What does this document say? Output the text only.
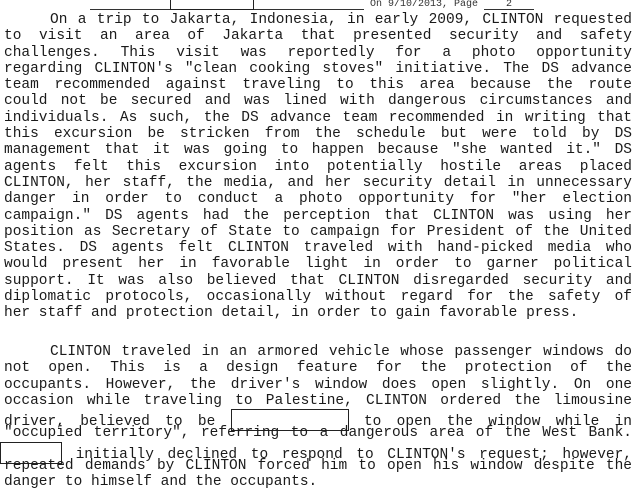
On 9/10/2013, Page	2
On a trip to Jakarta, Indonesia, in early 2009, CLINTON requested
to visit an area of Jakarta that presented security and safety
challenges. This visit was reportedly for a photo opportunity
regarding CLINTON's "clean cooking stoves" initiative. The DS advance
team recommended against traveling to this area because the route
could not be secured and was lined with dangerous circumstances and
individuals. As such, the DS advance team recommended in writing that
this excursion be stricken from the schedule but were told by DS
management that it was going to happen because "she wanted it." DS
agents felt this excursion into potentially hostile areas placed
CLINTON, her staff, the media, and her security detail in unnecessary
danger in order to conduct a photo opportunity for "her election
campaign." DS agents had the perception that CLINTON was using her
position as Secretary of State to campaign for President of the United
States. DS agents felt CLINTON traveled with hand-picked media who
would present her in favorable light in order to garner political
support. It was also believed that CLINTON disregarded security and
diplomatic protocols, occasionally without regard for the safety of
her staff and protection detail, in order to gain favorable press.
CLINTON traveled in an armored vehicle whose passenger windows do
not open. This is a design feature for the protection of the
occupants. However, the driver's window does open slightly. On one
occasion while traveling to Palestine, CLINTON ordered the limousine
driver, believed to be	to open the window while in
"occupied territory", referring to a dangerous area of the West Bank.
initially declined to respond to CLINTON's request; however,
repeated demands by CLINTON forced him to open his window despite the
danger to himself and the occupants.
